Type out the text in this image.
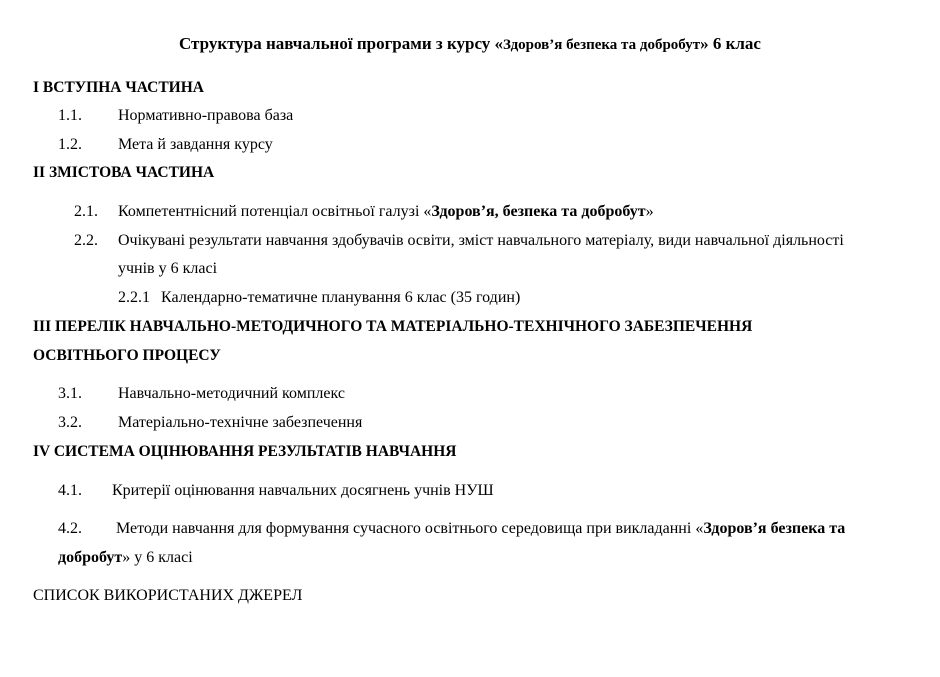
Структура навчальної програми з курсу «Здоров’я безпека та добробут» 6 клас
І ВСТУПНА ЧАСТИНА
1.1. Нормативно-правова база
1.2. Мета й завдання курсу
ІІ ЗМІСТОВА ЧАСТИНА
2.1. Компетентнісний потенціал освітньої галузі «Здоров’я, безпека та добробут»
2.2. Очікувані результати навчання здобувачів освіти, зміст навчального матеріалу, види навчальної діяльності
учнів у 6 класі
2.2.1 Календарно-тематичне планування 6 клас (35 годин)
ІІІ ПЕРЕЛІК НАВЧАЛЬНО-МЕТОДИЧНОГО ТА МАТЕРІАЛЬНО-ТЕХНІЧНОГО ЗАБЕЗПЕЧЕННЯ
ОСВІТНЬОГО ПРОЦЕСУ
3.1. Навчально-методичний комплекс
3.2. Матеріально-технічне забезпечення
ІV СИСТЕМА ОЦІНЮВАННЯ РЕЗУЛЬТАТІВ НАВЧАННЯ
4.1. Критерії оцінювання навчальних досягнень учнів НУШ
4.2. Методи навчання для формування сучасного освітнього середовища при викладанні «Здоров’я безпека та
добробут» у 6 класі
СПИСОК ВИКОРИСТАНИХ ДЖЕРЕЛ
